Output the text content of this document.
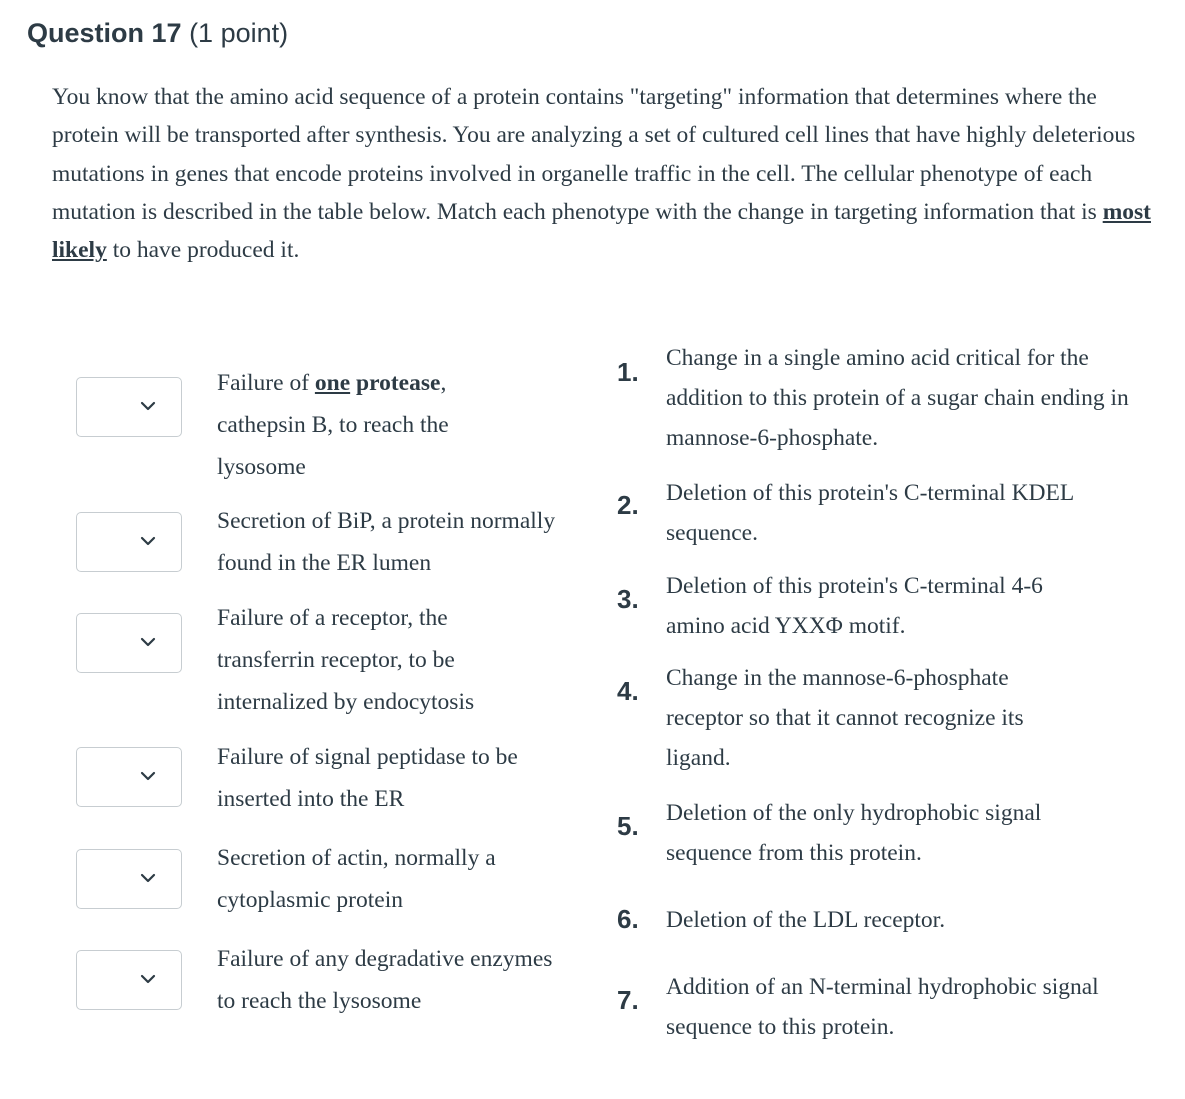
Question 17 (1 point)
You know that the amino acid sequence of a protein contains "targeting" information that determines where the protein will be transported after synthesis. You are analyzing a set of cultured cell lines that have highly deleterious mutations in genes that encode proteins involved in organelle traffic in the cell. The cellular phenotype of each mutation is described in the table below. Match each phenotype with the change in targeting information that is most likely to have produced it.
Failure of one protease, cathepsin B, to reach the lysosome
Secretion of BiP, a protein normally found in the ER lumen
Failure of a receptor, the transferrin receptor, to be internalized by endocytosis
Failure of signal peptidase to be inserted into the ER
Secretion of actin, normally a cytoplasmic protein
Failure of any degradative enzymes to reach the lysosome
1. Change in a single amino acid critical for the addition to this protein of a sugar chain ending in mannose-6-phosphate.
2. Deletion of this protein's C-terminal KDEL sequence.
3. Deletion of this protein's C-terminal 4-6 amino acid YXXΦ motif.
4. Change in the mannose-6-phosphate receptor so that it cannot recognize its ligand.
5. Deletion of the only hydrophobic signal sequence from this protein.
6. Deletion of the LDL receptor.
7. Addition of an N-terminal hydrophobic signal sequence to this protein.
